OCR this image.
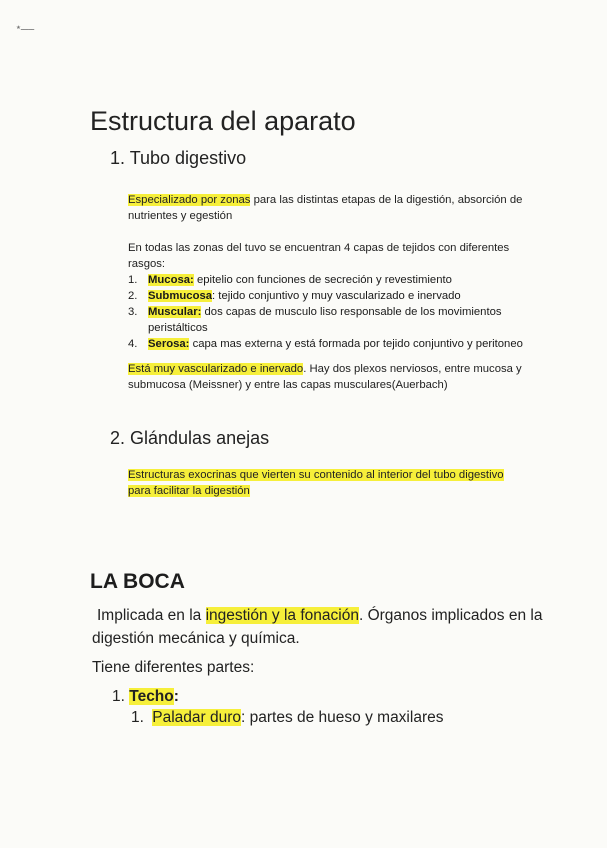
ـــــ٭
Estructura del aparato
1. Tubo digestivo
Especializado por zonas para las distintas etapas de la digestión, absorción de
nutrientes y egestión
En todas las zonas del tuvo se encuentran 4 capas de tejidos con diferentes
rasgos:
1. Mucosa: epitelio con funciones de secreción y revestimiento
2. Submucosa: tejido conjuntivo y muy vascularizado e inervado
3. Muscular: dos capas de musculo liso responsable de los movimientos peristálticos
4. Serosa: capa mas externa y está formada por tejido conjuntivo y peritoneo
Está muy vascularizado e inervado. Hay dos plexos nerviosos, entre mucosa y
submucosa (Meissner) y entre las capas musculares(Auerbach)
2. Glándulas anejas
Estructuras exocrinas que vierten su contenido al interior del tubo digestivo
para facilitar la digestión
LA BOCA
Implicada en la ingestión y la fonación. Órganos implicados en la
digestión mecánica y química.
Tiene diferentes partes:
1. Techo:
1. Paladar duro: partes de hueso y maxilares
